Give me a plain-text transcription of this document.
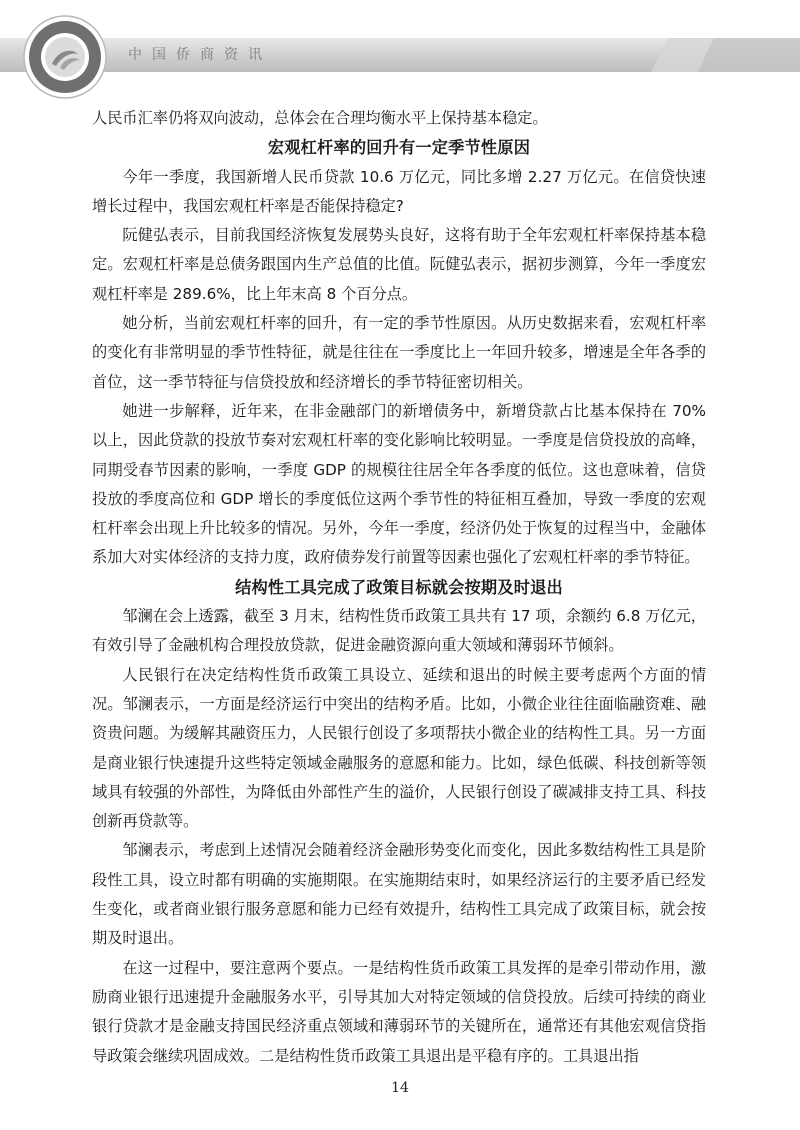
中国侨商资讯

人民币汇率仍将双向波动，总体会在合理均衡水平上保持基本稳定。

宏观杠杆率的回升有一定季节性原因

今年一季度，我国新增人民币贷款 10.6 万亿元，同比多增 2.27 万亿元。在信贷快速增长过程中，我国宏观杠杆率是否能保持稳定?

阮健弘表示，目前我国经济恢复发展势头良好，这将有助于全年宏观杠杆率保持基本稳定。宏观杠杆率是总债务跟国内生产总值的比值。阮健弘表示，据初步测算，今年一季度宏观杠杆率是 289.6%，比上年末高 8 个百分点。

她分析，当前宏观杠杆率的回升，有一定的季节性原因。从历史数据来看，宏观杠杆率的变化有非常明显的季节性特征，就是往往在一季度比上一年回升较多，增速是全年各季的首位，这一季节特征与信贷投放和经济增长的季节特征密切相关。

她进一步解释，近年来，在非金融部门的新增债务中，新增贷款占比基本保持在 70%以上，因此贷款的投放节奏对宏观杠杆率的变化影响比较明显。一季度是信贷投放的高峰，同期受春节因素的影响，一季度 GDP 的规模往往居全年各季度的低位。这也意味着，信贷投放的季度高位和 GDP 增长的季度低位这两个季节性的特征相互叠加，导致一季度的宏观杠杆率会出现上升比较多的情况。另外，今年一季度，经济仍处于恢复的过程当中，金融体系加大对实体经济的支持力度，政府债券发行前置等因素也强化了宏观杠杆率的季节特征。

结构性工具完成了政策目标就会按期及时退出

邹澜在会上透露，截至 3 月末，结构性货币政策工具共有 17 项，余额约 6.8 万亿元，有效引导了金融机构合理投放贷款，促进金融资源向重大领域和薄弱环节倾斜。

人民银行在决定结构性货币政策工具设立、延续和退出的时候主要考虑两个方面的情况。邹澜表示，一方面是经济运行中突出的结构矛盾。比如，小微企业往往面临融资难、融资贵问题。为缓解其融资压力，人民银行创设了多项帮扶小微企业的结构性工具。另一方面是商业银行快速提升这些特定领域金融服务的意愿和能力。比如，绿色低碳、科技创新等领域具有较强的外部性，为降低由外部性产生的溢价，人民银行创设了碳减排支持工具、科技创新再贷款等。

邹澜表示，考虑到上述情况会随着经济金融形势变化而变化，因此多数结构性工具是阶段性工具，设立时都有明确的实施期限。在实施期结束时，如果经济运行的主要矛盾已经发生变化，或者商业银行服务意愿和能力已经有效提升，结构性工具完成了政策目标，就会按期及时退出。

在这一过程中，要注意两个要点。一是结构性货币政策工具发挥的是牵引带动作用，激励商业银行迅速提升金融服务水平，引导其加大对特定领域的信贷投放。后续可持续的商业银行贷款才是金融支持国民经济重点领域和薄弱环节的关键所在，通常还有其他宏观信贷指导政策会继续巩固成效。二是结构性货币政策工具退出是平稳有序的。工具退出指

14
